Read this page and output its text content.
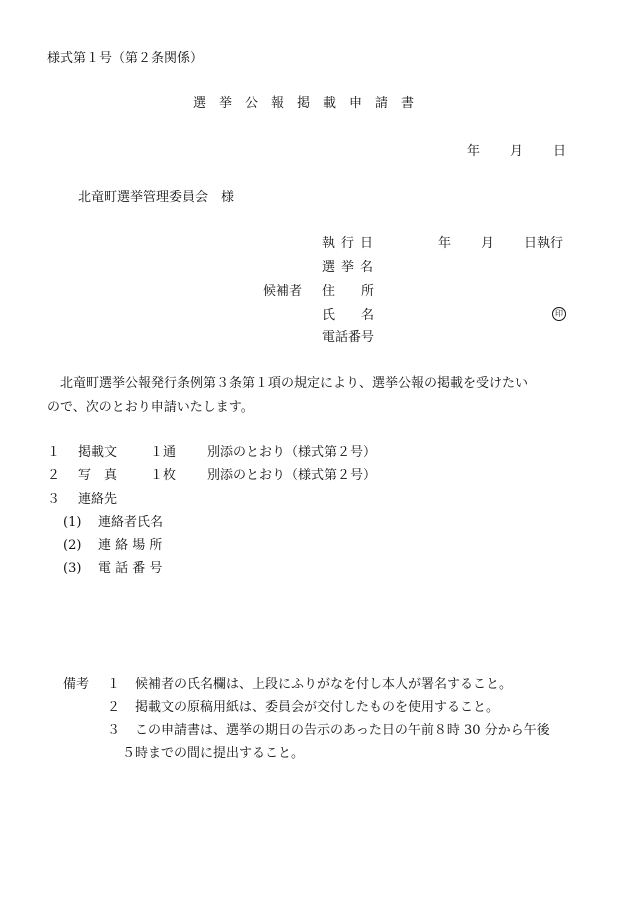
様式第１号（第２条関係）
選挙公報掲載申請書
年 月 日
北竜町選挙管理委員会　様
執行日	年 月 日執行
選挙名
候補者 住　　所
氏　　名	印
電話番号
北竜町選挙公報発行条例第３条第１項の規定により、選挙公報の掲載を受けたい
ので、次のとおり申請いたします。
１ 掲載文	１通 別添のとおり（様式第２号）
２ 写　真	１枚 別添のとおり（様式第２号）
３ 連絡先
(1) 連絡者氏名
(2) 連 絡 場 所
(3) 電 話 番 号
備考 １ 候補者の氏名欄は、上段にふりがなを付し本人が署名すること。
２ 掲載文の原稿用紙は、委員会が交付したものを使用すること。
３ この申請書は、選挙の期日の告示のあった日の午前８時 30 分から午後
５時までの間に提出すること。
